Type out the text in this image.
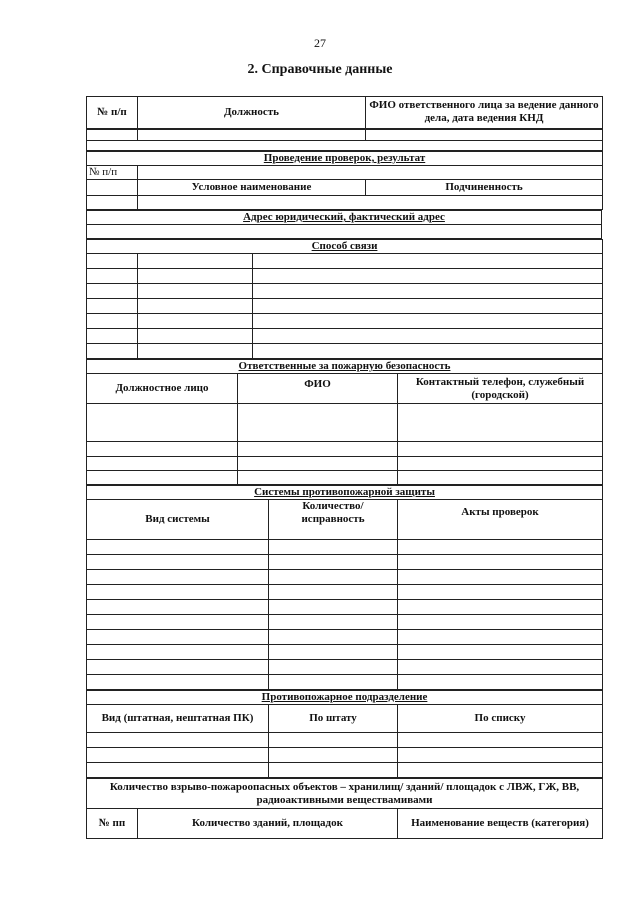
27
2. Справочные данные
№ п/п	Должность	ФИО ответственного лица за ведение данного дела, дата ведения КНД

Проведение проверок, результат		
№ п/п		
	Условное наименование	Подчиненность

Адрес юридический, фактический адрес

Способ связи		

Ответственные за пожарную безопасность		
Должностное лицо	ФИО	Контактный телефон, служебный (городской)

Системы противопожарной защиты		
Вид системы	Количество/ исправность	Акты проверок

Противопожарное подразделение		
Вид (штатная, нештатная ПК)	По штату	По списку

Количество взрыво-пожароопасных объектов – хранилищ/ зданий/ площадок с ЛВЖ, ГЖ, ВВ, радиоактивными веществамивами
№ пп	Количество зданий, площадок	Наименование веществ (категория)
